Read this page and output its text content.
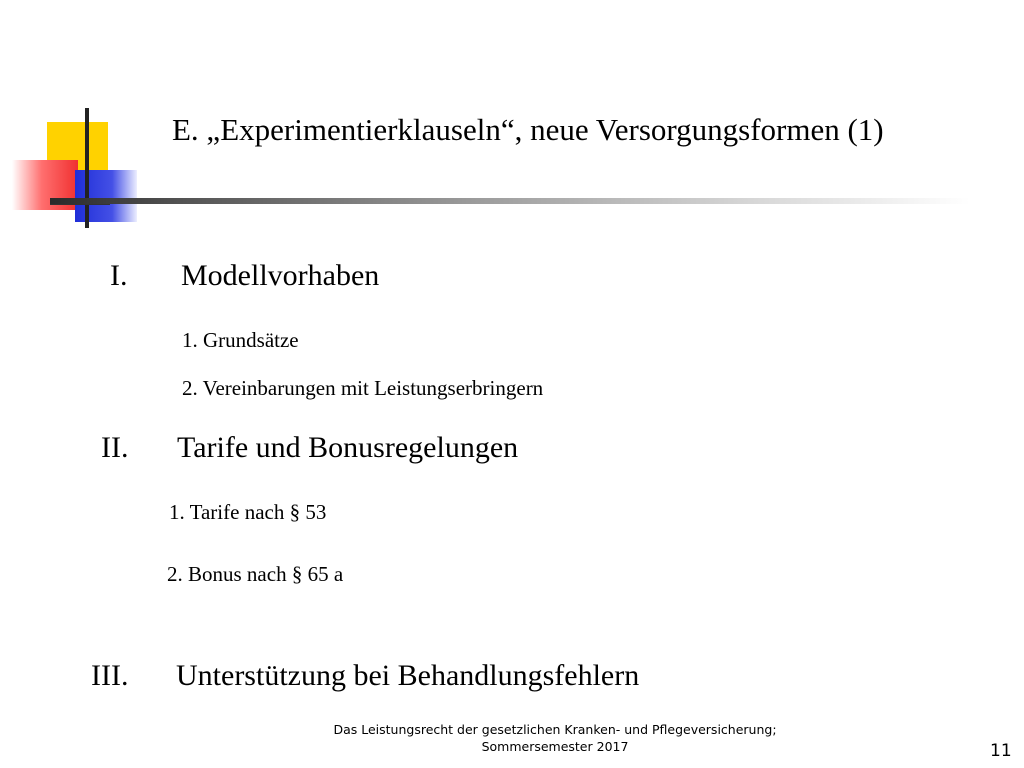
E. „Experimentierklauseln“, neue Versorgungsformen (1)
I. Modellvorhaben
1. Grundsätze
2. Vereinbarungen mit Leistungserbringern
II. Tarife und Bonusregelungen
1. Tarife nach § 53
2. Bonus nach § 65 a
III. Unterstützung bei Behandlungsfehlern
Das Leistungsrecht der gesetzlichen Kranken- und Pflegeversicherung;
Sommersemester 2017	11
